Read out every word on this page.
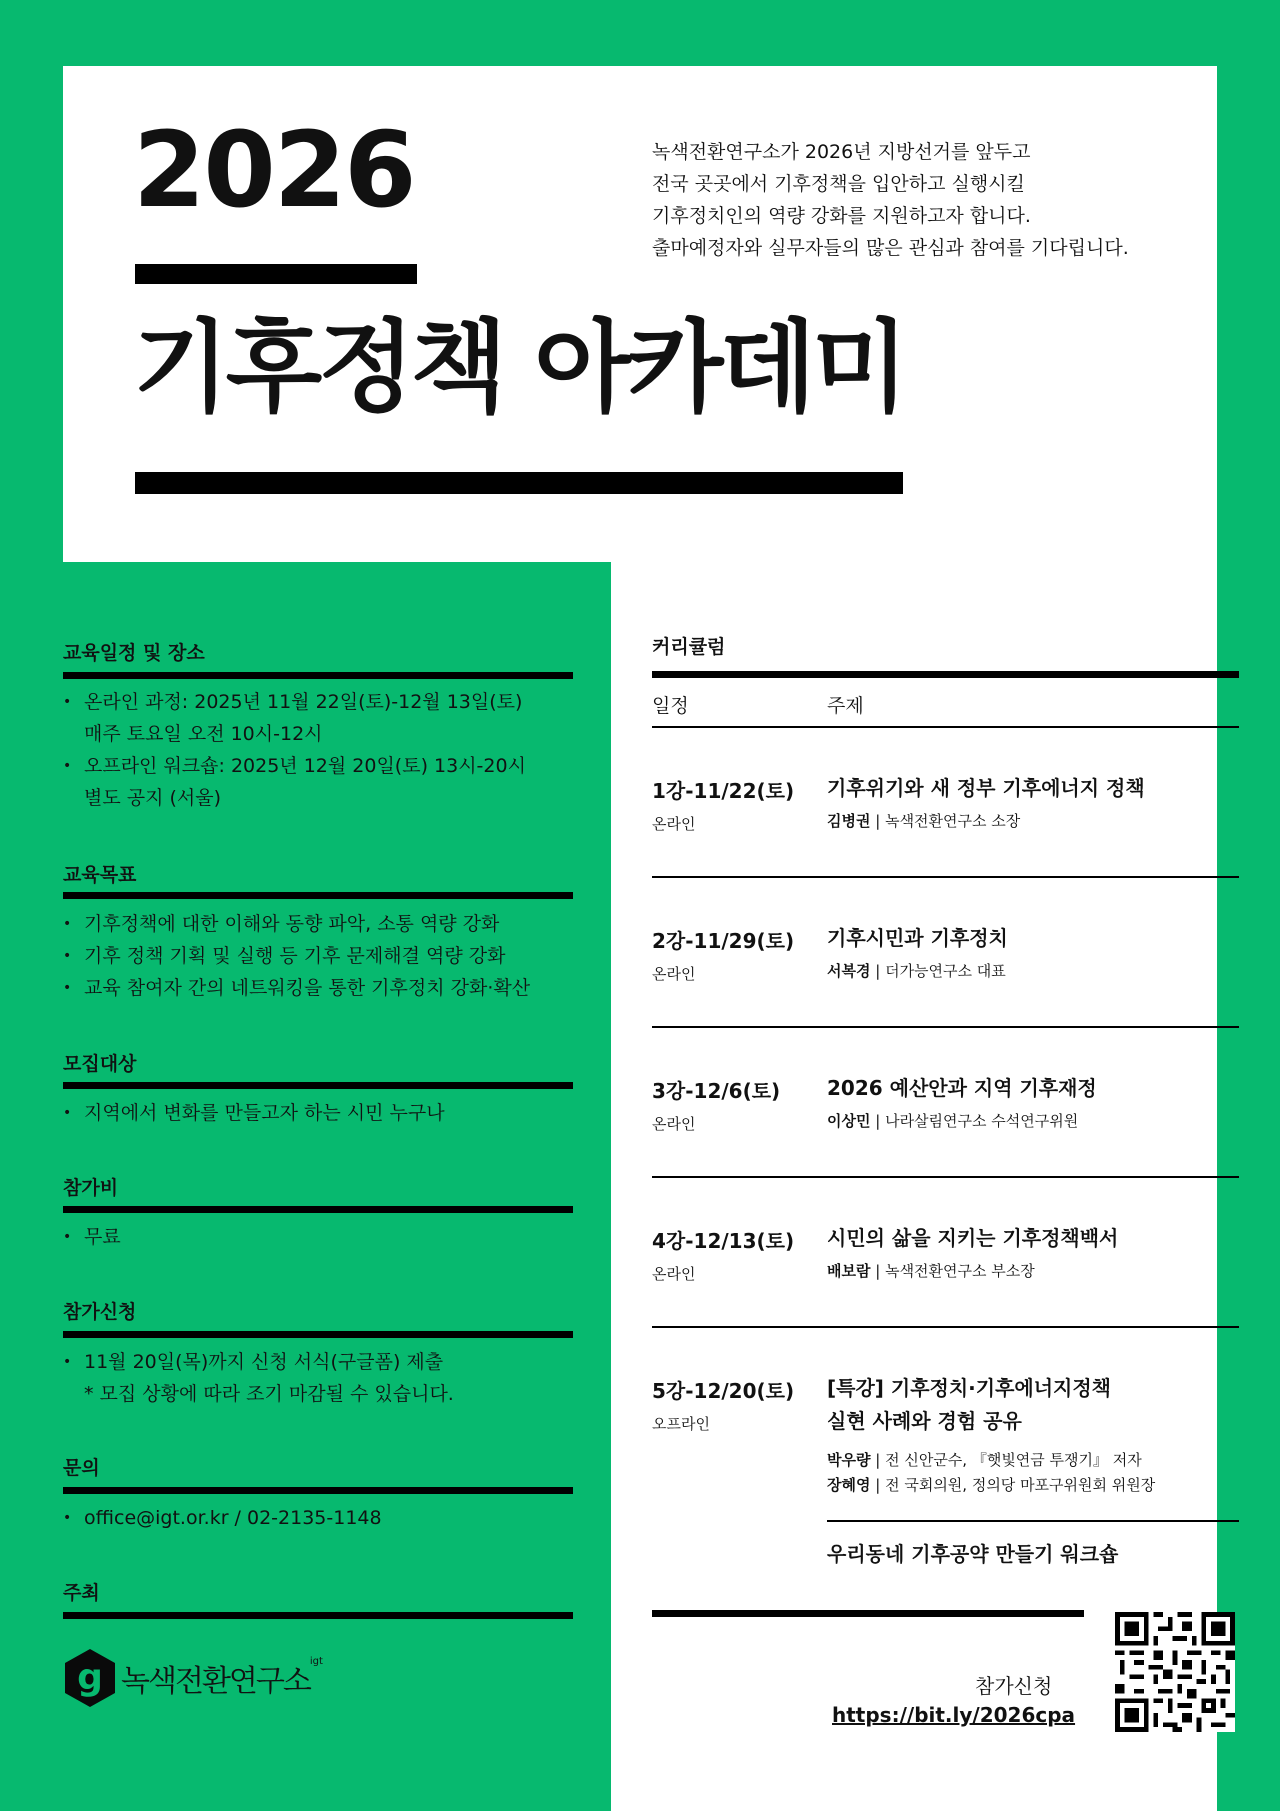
2026
기후정책 아카데미
녹색전환연구소가 2026년 지방선거를 앞두고
전국 곳곳에서 기후정책을 입안하고 실행시킬
기후정치인의 역량 강화를 지원하고자 합니다.
출마예정자와 실무자들의 많은 관심과 참여를 기다립니다.
교육일정 및 장소
• 온라인 과정: 2025년 11월 22일(토)-12월 13일(토)
매주 토요일 오전 10시-12시
• 오프라인 워크숍: 2025년 12월 20일(토) 13시-20시
별도 공지 (서울)
교육목표
• 기후정책에 대한 이해와 동향 파악, 소통 역량 강화
• 기후 정책 기획 및 실행 등 기후 문제해결 역량 강화
• 교육 참여자 간의 네트워킹을 통한 기후정치 강화·확산
모집대상
• 지역에서 변화를 만들고자 하는 시민 누구나
참가비
• 무료
참가신청
• 11월 20일(목)까지 신청 서식(구글폼) 제출
* 모집 상황에 따라 조기 마감될 수 있습니다.
문의
• office@igt.or.kr / 02-2135-1148
주최
g 녹색전환연구소
$^{igt}$
커리큘럼
일정	주제
1강-11/22(토)
온라인
기후위기와 새 정부 기후에너지 정책
김병권 | 녹색전환연구소 소장
2강-11/29(토)
온라인
기후시민과 기후정치
서복경 | 더가능연구소 대표
3강-12/6(토)
온라인
2026 예산안과 지역 기후재정
이상민 | 나라살림연구소 수석연구위원
4강-12/13(토)
온라인
시민의 삶을 지키는 기후정책백서
배보람 | 녹색전환연구소 부소장
5강-12/20(토)
오프라인
[특강] 기후정치·기후에너지정책
실현 사례와 경험 공유
박우량 | 전 신안군수, 『햇빛연금 투쟁기』 저자
장혜영 | 전 국회의원, 정의당 마포구위원회 위원장
우리동네 기후공약 만들기 워크숍
참가신청
https://bit.ly/2026cpa
